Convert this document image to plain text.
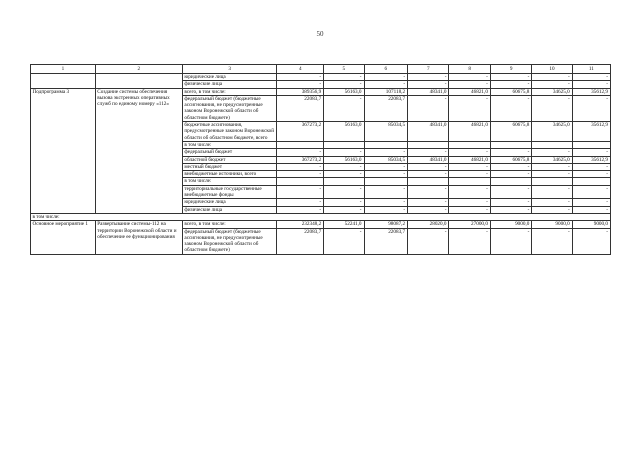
50
1	2	3	4	5	6	7	8	9	10	11
		юридические лица	-	-	-	-	-	-	-	-
		физические лица	-	-	-	-	-	-	-	-
Подпрограмма 3	Создание системы обеспечения вызова экстренных оперативных служб по единому номеру «112»	всего, в том числе:	389356,9	56163,0	107118,2	48341,0	46821,0	60675,8	34625,0	35612,9
		федеральный бюджет (бюджетные ассигнования, не предусмотренные законом Воронежской области об областном бюджете)	22083,7	-	22083,7	-	-	-	-	-
		бюджетные ассигнования, предусмотренные законом Воронежской области об областном бюджете, всего	367273,2	56163,0	85034,5	48341,0	46821,0	60675,8	34625,0	35612,9
		в том числе:								
		федеральный бюджет	-	-	-	-	-	-	-	-
		областной бюджет	367273,2	56163,0	85034,5	48341,0	46821,0	60675,8	34625,0	35612,9
		местный бюджет	-	-	-	-	-	-	-	-
		внебюджетные источники, всего	-	-	-	-	-	-	-	-
		в том числе:								
		территориальные государственные внебюджетные фонды	-	-	-	-	-	-	-	-
		юридические лица	-	-	-	-	-	-	-	-
		физические лица	-	-	-	-	-	-	-	-
в том числе:										
Основное мероприятие 1	Развертывание системы-112 на территории Воронежской области и обеспечение ее функционирования	всего, в том числе:	232348,2	52241,0	98087,2	28020,0	27000,0	9000,0	9000,0	9000,0
		федеральный бюджет (бюджетные ассигнования, не предусмотренные законом Воронежской области об областном бюджете)	22083,7	-	22083,7	-	-	-	-	-
